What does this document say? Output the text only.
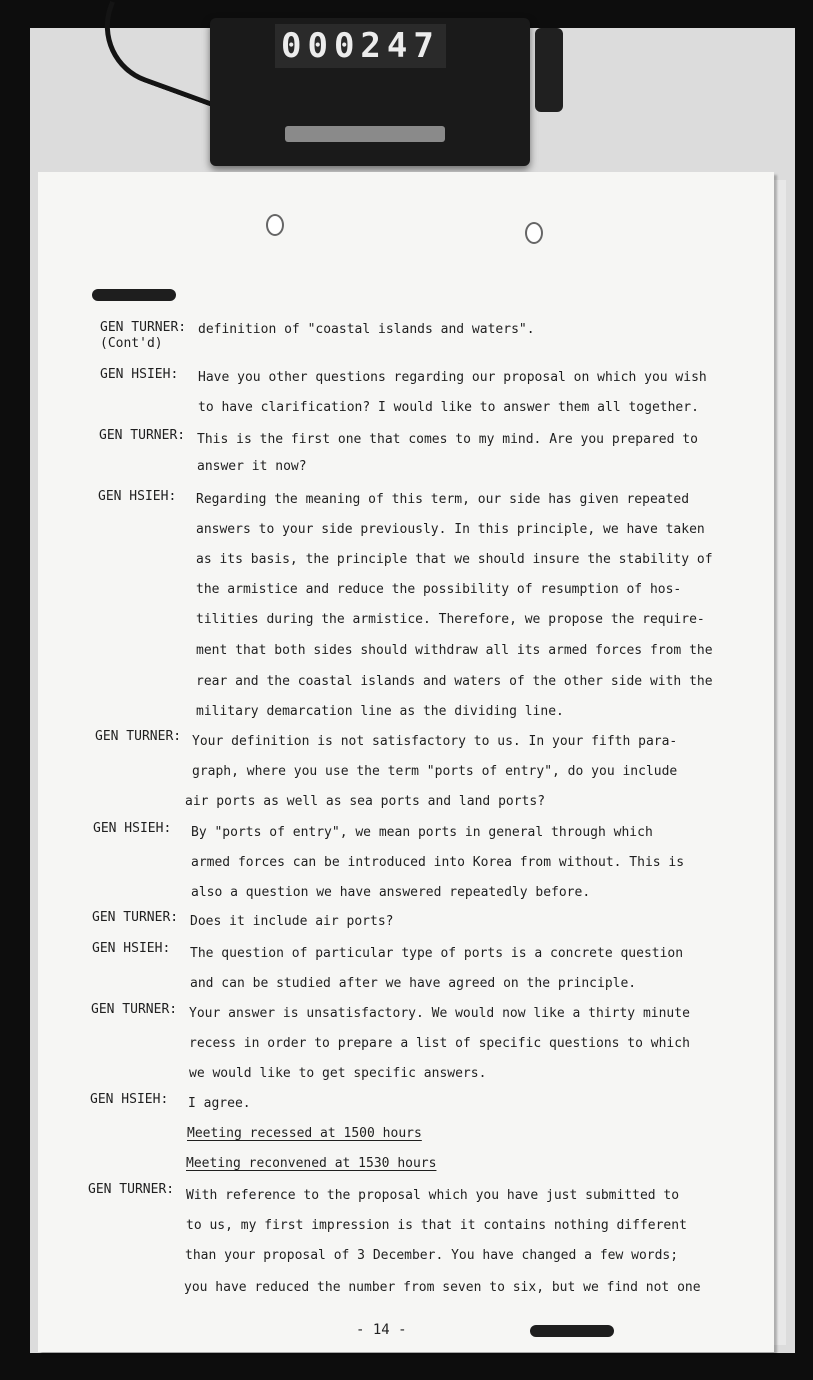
000247
GEN TURNER:
(Cont'd)
definition of "coastal islands and waters".
GEN HSIEH:	Have you other questions regarding our proposal on which you wish
to have clarification? I would like to answer them all together.
GEN TURNER: This is the first one that comes to my mind. Are you prepared to
answer it now?
GEN HSIEH:	Regarding the meaning of this term, our side has given repeated
answers to your side previously. In this principle, we have taken
as its basis, the principle that we should insure the stability of
the armistice and reduce the possibility of resumption of hos-
tilities during the armistice. Therefore, we propose the require-
ment that both sides should withdraw all its armed forces from the
rear and the coastal islands and waters of the other side with the
military demarcation line as the dividing line.
GEN TURNER: Your definition is not satisfactory to us. In your fifth para-
graph, where you use the term "ports of entry", do you include
air ports as well as sea ports and land ports?
GEN HSIEH:	By "ports of entry", we mean ports in general through which
armed forces can be introduced into Korea from without. This is
also a question we have answered repeatedly before.
GEN TURNER: Does it include air ports?
GEN HSIEH:	The question of particular type of ports is a concrete question
and can be studied after we have agreed on the principle.
GEN TURNER: Your answer is unsatisfactory. We would now like a thirty minute
recess in order to prepare a list of specific questions to which
we would like to get specific answers.
GEN HSIEH:	I agree.
Meeting recessed at 1500 hours
Meeting reconvened at 1530 hours
GEN TURNER: With reference to the proposal which you have just submitted to
to us, my first impression is that it contains nothing different
than your proposal of 3 December. You have changed a few words;
you have reduced the number from seven to six, but we find not one
- 14 -
